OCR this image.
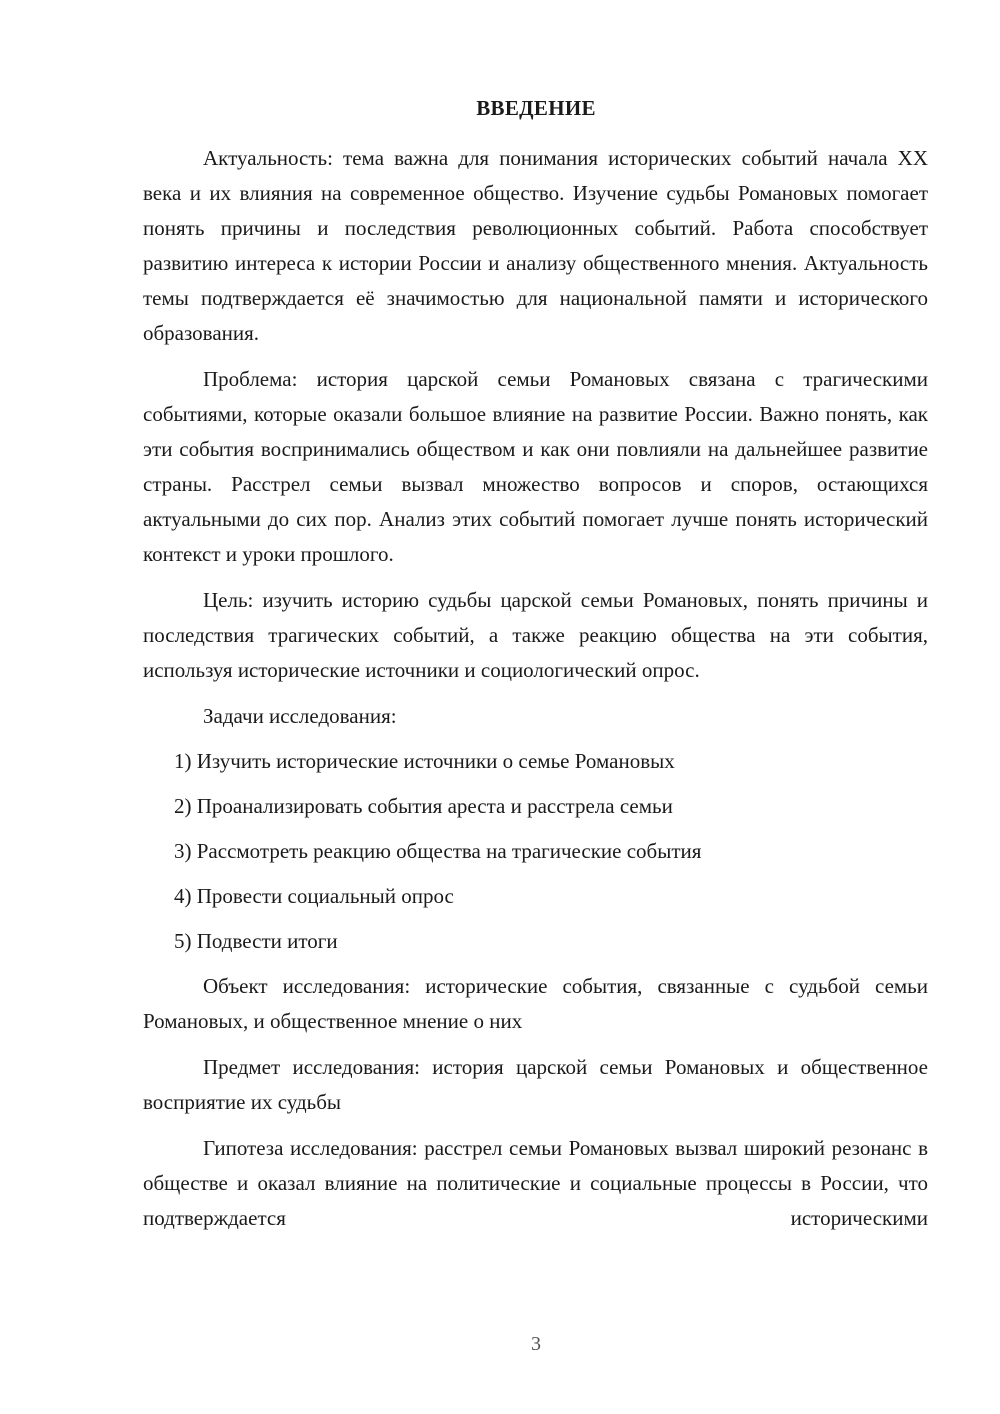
ВВЕДЕНИЕ

Актуальность: тема важна для понимания исторических событий начала XX века и их влияния на современное общество. Изучение судьбы Романовых помогает понять причины и последствия революционных событий. Работа способствует развитию интереса к истории России и анализу общественного мнения. Актуальность темы подтверждается её значимостью для национальной памяти и исторического образования.

Проблема: история царской семьи Романовых связана с трагическими событиями, которые оказали большое влияние на развитие России. Важно понять, как эти события воспринимались обществом и как они повлияли на дальнейшее развитие страны. Расстрел семьи вызвал множество вопросов и споров, остающихся актуальными до сих пор. Анализ этих событий помогает лучше понять исторический контекст и уроки прошлого.

Цель: изучить историю судьбы царской семьи Романовых, понять причины и последствия трагических событий, а также реакцию общества на эти события, используя исторические источники и социологический опрос.

Задачи исследования:

1) Изучить исторические источники о семье Романовых
2) Проанализировать события ареста и расстрела семьи
3) Рассмотреть реакцию общества на трагические события
4) Провести социальный опрос
5) Подвести итоги

Объект исследования: исторические события, связанные с судьбой семьи Романовых, и общественное мнение о них

Предмет исследования: история царской семьи Романовых и общественное восприятие их судьбы

Гипотеза исследования: расстрел семьи Романовых вызвал широкий резонанс в обществе и оказал влияние на политические и социальные процессы в России, что подтверждается историческими

3
